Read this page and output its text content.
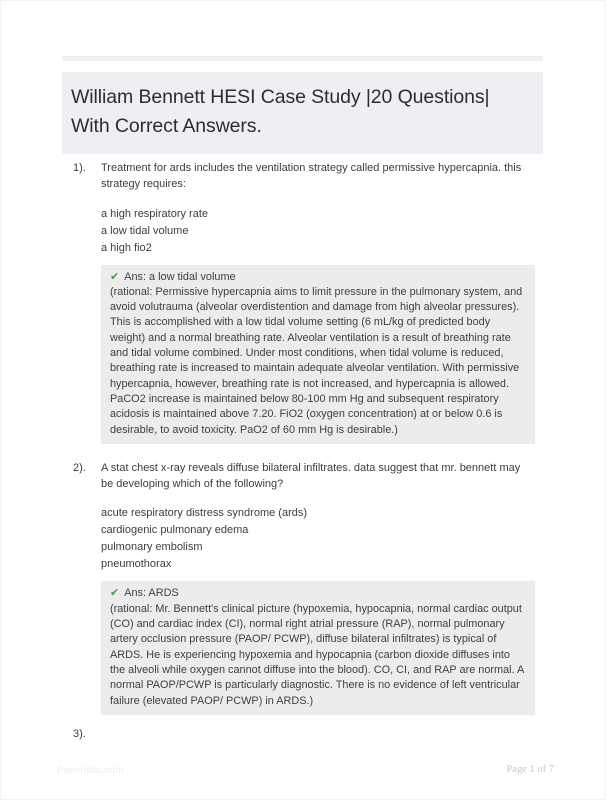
William Bennett HESI Case Study |20 Questions| With Correct Answers.
1).	Treatment for ards includes the ventilation strategy called permissive hypercapnia. this strategy requires:
a high respiratory rate
a low tidal volume
a high fio2
✔ Ans: a low tidal volume
(rational: Permissive hypercapnia aims to limit pressure in the pulmonary system, and avoid volutrauma (alveolar overdistention and damage from high alveolar pressures). This is accomplished with a low tidal volume setting (6 mL/kg of predicted body weight) and a normal breathing rate. Alveolar ventilation is a result of breathing rate and tidal volume combined. Under most conditions, when tidal volume is reduced, breathing rate is increased to maintain adequate alveolar ventilation. With permissive hypercapnia, however, breathing rate is not increased, and hypercapnia is allowed. PaCO2 increase is maintained below 80-100 mm Hg and subsequent respiratory acidosis is maintained above 7.20. FiO2 (oxygen concentration) at or below 0.6 is desirable, to avoid toxicity. PaO2 of 60 mm Hg is desirable.)
2).	A stat chest x-ray reveals diffuse bilateral infiltrates. data suggest that mr. bennett may be developing which of the following?
acute respiratory distress syndrome (ards)
cardiogenic pulmonary edema
pulmonary embolism
pneumothorax
✔ Ans: ARDS
(rational: Mr. Bennett's clinical picture (hypoxemia, hypocapnia, normal cardiac output (CO) and cardiac index (CI), normal right atrial pressure (RAP), normal pulmonary artery occlusion pressure (PAOP/ PCWP), diffuse bilateral infiltrates) is typical of ARDS. He is experiencing hypoxemia and hypocapnia (carbon dioxide diffuses into the alveoli while oxygen cannot diffuse into the blood). CO, CI, and RAP are normal. A normal PAOP/PCWP is particularly diagnostic. There is no evidence of left ventricular failure (elevated PAOP/ PCWP) in ARDS.)
3).
Paperstoc.com	Page 1 of 7
